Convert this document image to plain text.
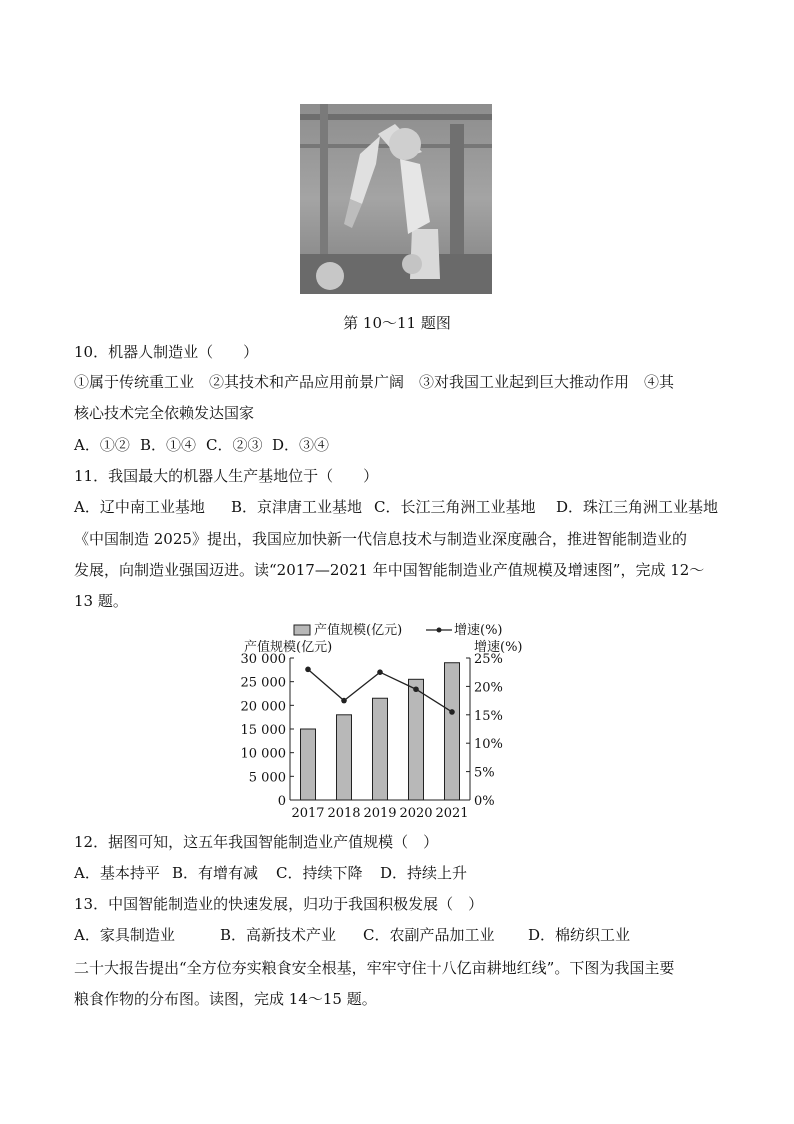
第 10～11 题图
10．机器人制造业（　　）
①属于传统重工业　②其技术和产品应用前景广阔　③对我国工业起到巨大推动作用　④其
核心技术完全依赖发达国家
A．①② B．①④ C．②③ D．③④
11．我国最大的机器人生产基地位于（　　）
A．辽中南工业基地 B．京津唐工业基地 C．长江三角洲工业基地 D．珠江三角洲工业基地
《中国制造 2025》提出，我国应加快新一代信息技术与制造业深度融合，推进智能制造业的
发展，向制造业强国迈进。读“2017—2021 年中国智能制造业产值规模及增速图”，完成 12～
13 题。
产值规模(亿元)	增速(%)
产值规模(亿元)	增速(%)
0
5 000
10 000
15 000
20 000
25 000
30 000
0%
5%
10%
15%
20%
25%
2017 2018 2019 2020 2021
12．据图可知，这五年我国智能制造业产值规模（　）
A．基本持平 B．有增有减 C．持续下降 D．持续上升
13．中国智能制造业的快速发展，归功于我国积极发展（　）
A．家具制造业	B．高新技术产业 C．农副产品加工业 D．棉纺织工业
二十大报告提出“全方位夯实粮食安全根基，牢牢守住十八亿亩耕地红线”。下图为我国主要
粮食作物的分布图。读图，完成 14～15 题。
